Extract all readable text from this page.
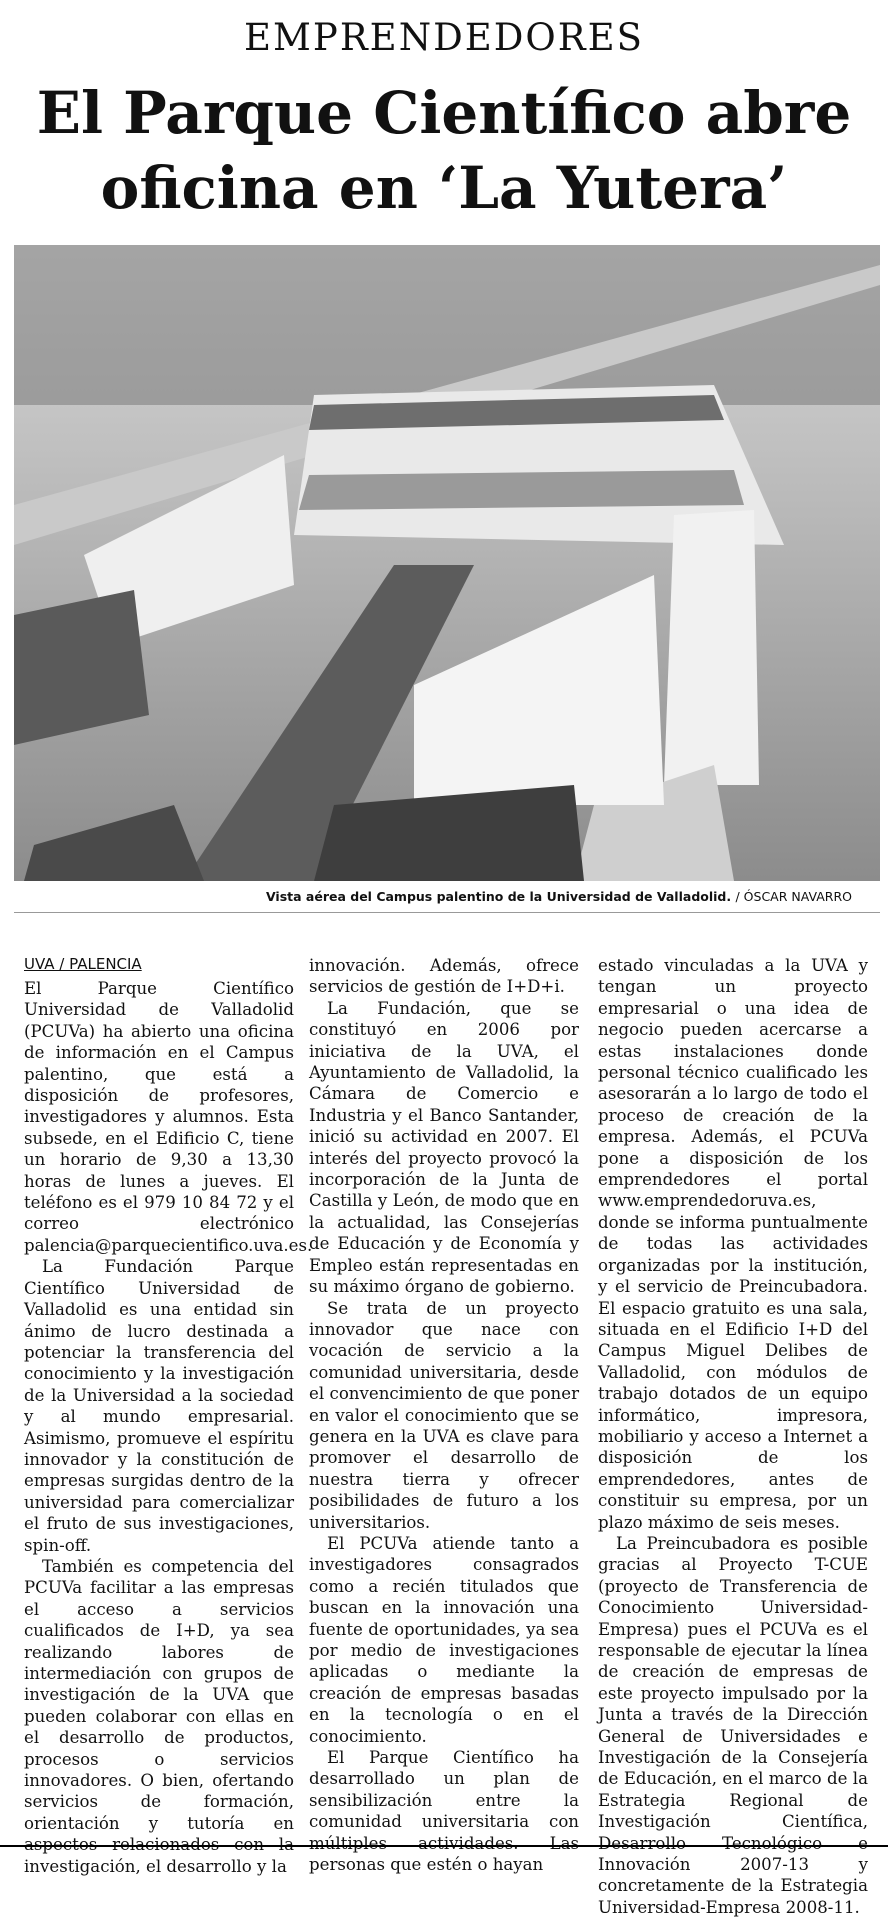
EMPRENDEDORES
El Parque Científico abre
oficina en ‘La Yutera’
Vista aérea del Campus palentino de la Universidad de Valladolid. / ÓSCAR NAVARRO
UVA / PALENCIA

El Parque Científico Universidad de Valladolid (PCUVa) ha abierto una oficina de información en el Campus palentino, que está a disposición de profesores, investigadores y alumnos. Esta subsede, en el Edificio C, tiene un horario de 9,30 a 13,30 horas de lunes a jueves. El teléfono es el 979 10 84 72 y el correo electrónico palencia@parquecientifico.uva.es.

La Fundación Parque Científico Universidad de Valladolid es una entidad sin ánimo de lucro destinada a potenciar la transferencia del conocimiento y la investigación de la Universidad a la sociedad y al mundo empresarial. Asimismo, promueve el espíritu innovador y la constitución de empresas surgidas dentro de la universidad para comercializar el fruto de sus investigaciones, spin-off.

También es competencia del PCUVa facilitar a las empresas el acceso a servicios cualificados de I+D, ya sea realizando labores de intermediación con grupos de investigación de la UVA que pueden colaborar con ellas en el desarrollo de productos, procesos o servicios innovadores. O bien, ofertando servicios de formación, orientación y tutoría en aspectos relacionados con la investigación, el desarrollo y la

innovación. Además, ofrece servicios de gestión de I+D+i.

La Fundación, que se constituyó en 2006 por iniciativa de la UVA, el Ayuntamiento de Valladolid, la Cámara de Comercio e Industria y el Banco Santander, inició su actividad en 2007. El interés del proyecto provocó la incorporación de la Junta de Castilla y León, de modo que en la actualidad, las Consejerías de Educación y de Economía y Empleo están representadas en su máximo órgano de gobierno.

Se trata de un proyecto innovador que nace con vocación de servicio a la comunidad universitaria, desde el convencimiento de que poner en valor el conocimiento que se genera en la UVA es clave para promover el desarrollo de nuestra tierra y ofrecer posibilidades de futuro a los universitarios.

El PCUVa atiende tanto a investigadores consagrados como a recién titulados que buscan en la innovación una fuente de oportunidades, ya sea por medio de investigaciones aplicadas o mediante la creación de empresas basadas en la tecnología o en el conocimiento.

El Parque Científico ha desarrollado un plan de sensibilización entre la comunidad universitaria con múltiples actividades. Las personas que estén o hayan

estado vinculadas a la UVA y tengan un proyecto empresarial o una idea de negocio pueden acercarse a estas instalaciones donde personal técnico cualificado les asesorarán a lo largo de todo el proceso de creación de la empresa. Además, el PCUVa pone a disposición de los emprendedores el portal www.emprendedoruva.es, donde se informa puntualmente de todas las actividades organizadas por la institución, y el servicio de Preincubadora. El espacio gratuito es una sala, situada en el Edificio I+D del Campus Miguel Delibes de Valladolid, con módulos de trabajo dotados de un equipo informático, impresora, mobiliario y acceso a Internet a disposición de los emprendedores, antes de constituir su empresa, por un plazo máximo de seis meses.

La Preincubadora es posible gracias al Proyecto T-CUE (proyecto de Transferencia de Conocimiento Universidad-Empresa) pues el PCUVa es el responsable de ejecutar la línea de creación de empresas de este proyecto impulsado por la Junta a través de la Dirección General de Universidades e Investigación de la Consejería de Educación, en el marco de la Estrategia Regional de Investigación Científica, Desarrollo Tecnológico e Innovación 2007-13 y concretamente de la Estrategia Universidad-Empresa 2008-11.
